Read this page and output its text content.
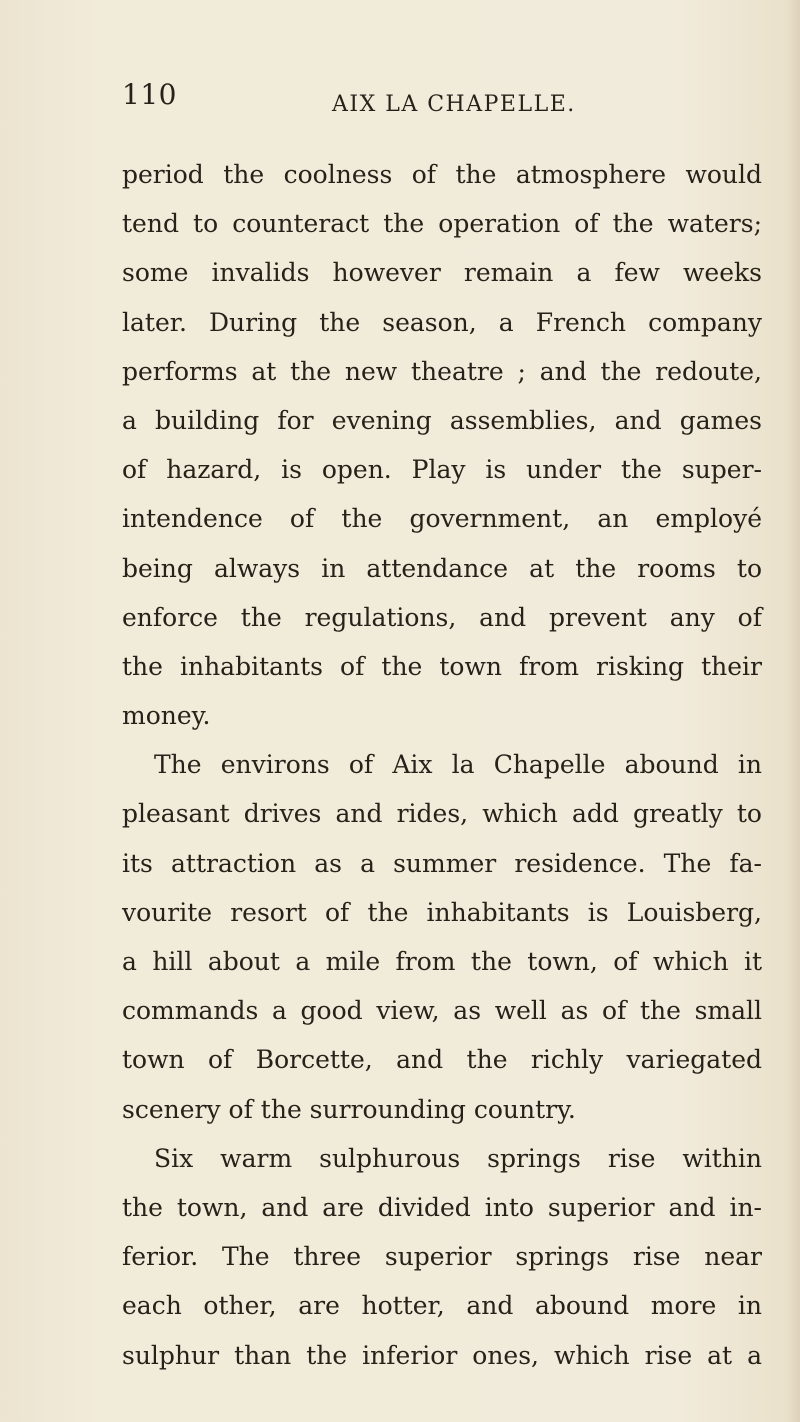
110	AIX LA CHAPELLE.
period the coolness of the atmosphere would
tend to counteract the operation of the waters;
some invalids however remain a few weeks
later. During the season, a French company
performs at the new theatre ; and the redoute,
a building for evening assemblies, and games
of hazard, is open. Play is under the super-
intendence of the government, an employé
being always in attendance at the rooms to
enforce the regulations, and prevent any of
the inhabitants of the town from risking their
money.
The environs of Aix la Chapelle abound in
pleasant drives and rides, which add greatly to
its attraction as a summer residence. The fa-
vourite resort of the inhabitants is Louisberg,
a hill about a mile from the town, of which it
commands a good view, as well as of the small
town of Borcette, and the richly variegated
scenery of the surrounding country.
Six warm sulphurous springs rise within
the town, and are divided into superior and in-
ferior. The three superior springs rise near
each other, are hotter, and abound more in
sulphur than the inferior ones, which rise at a
